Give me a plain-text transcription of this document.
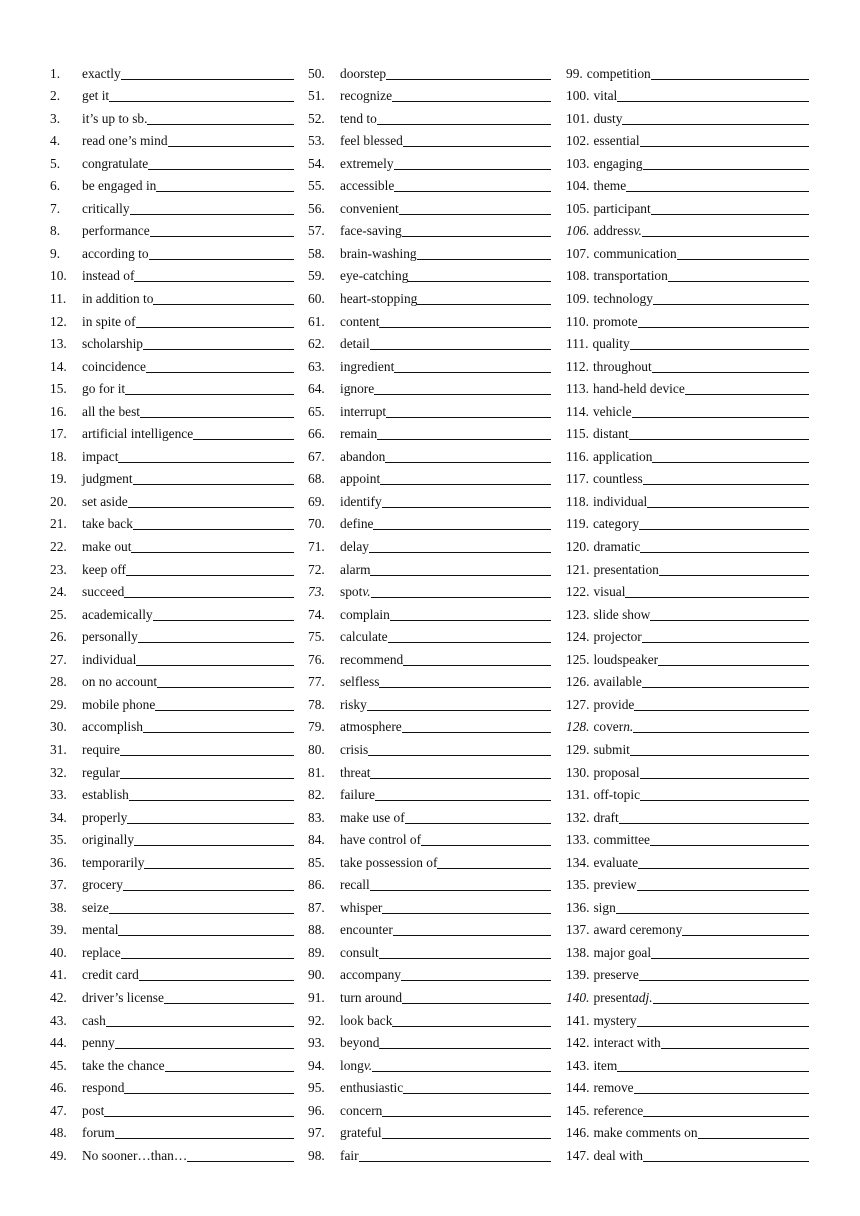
1.	exactly
2.	get it
3.	it’s up to sb.
4.	read one’s mind
5.	congratulate
6.	be engaged in
7.	critically
8.	performance
9.	according to
10.	instead of
11.	in addition to
12.	in spite of
13.	scholarship
14.	coincidence
15.	go for it
16.	all the best
17.	artificial intelligence
18.	impact
19.	judgment
20.	set aside
21.	take back
22.	make out
23.	keep off
24.	succeed
25.	academically
26.	personally
27.	individual
28.	on no account
29.	mobile phone
30.	accomplish
31.	require
32.	regular
33.	establish
34.	properly
35.	originally
36.	temporarily
37.	grocery
38.	seize
39.	mental
40.	replace
41.	credit card
42.	driver’s license
43.	cash
44.	penny
45.	take the chance
46.	respond
47.	post
48.	forum
49.	No sooner…than…
50.	doorstep
51.	recognize
52.	tend to
53.	feel blessed
54.	extremely
55.	accessible
56.	convenient
57.	face-saving
58.	brain-washing
59.	eye-catching
60.	heart-stopping
61.	content
62.	detail
63.	ingredient
64.	ignore
65.	interrupt
66.	remain
67.	abandon
68.	appoint
69.	identify
70.	define
71.	delay
72.	alarm
73.	spot v.
74.	complain
75.	calculate
76.	recommend
77.	selfless
78.	risky
79.	atmosphere
80.	crisis
81.	threat
82.	failure
83.	make use of
84.	have control of
85.	take possession of
86.	recall
87.	whisper
88.	encounter
89.	consult
90.	accompany
91.	turn around
92.	look back
93.	beyond
94.	long v.
95.	enthusiastic
96.	concern
97.	grateful
98.	fair
99. competition
100. vital
101. dusty
102. essential
103. engaging
104. theme
105. participant
106. address v.
107. communication
108. transportation
109. technology
110. promote
111. quality
112. throughout
113. hand-held device
114. vehicle
115. distant
116. application
117. countless
118. individual
119. category
120. dramatic
121. presentation
122. visual
123. slide show
124. projector
125. loudspeaker
126. available
127. provide
128. cover n.
129. submit
130. proposal
131. off-topic
132. draft
133. committee
134. evaluate
135. preview
136. sign
137. award ceremony
138. major goal
139. preserve
140. present adj.
141. mystery
142. interact with
143. item
144. remove
145. reference
146. make comments on
147. deal with
